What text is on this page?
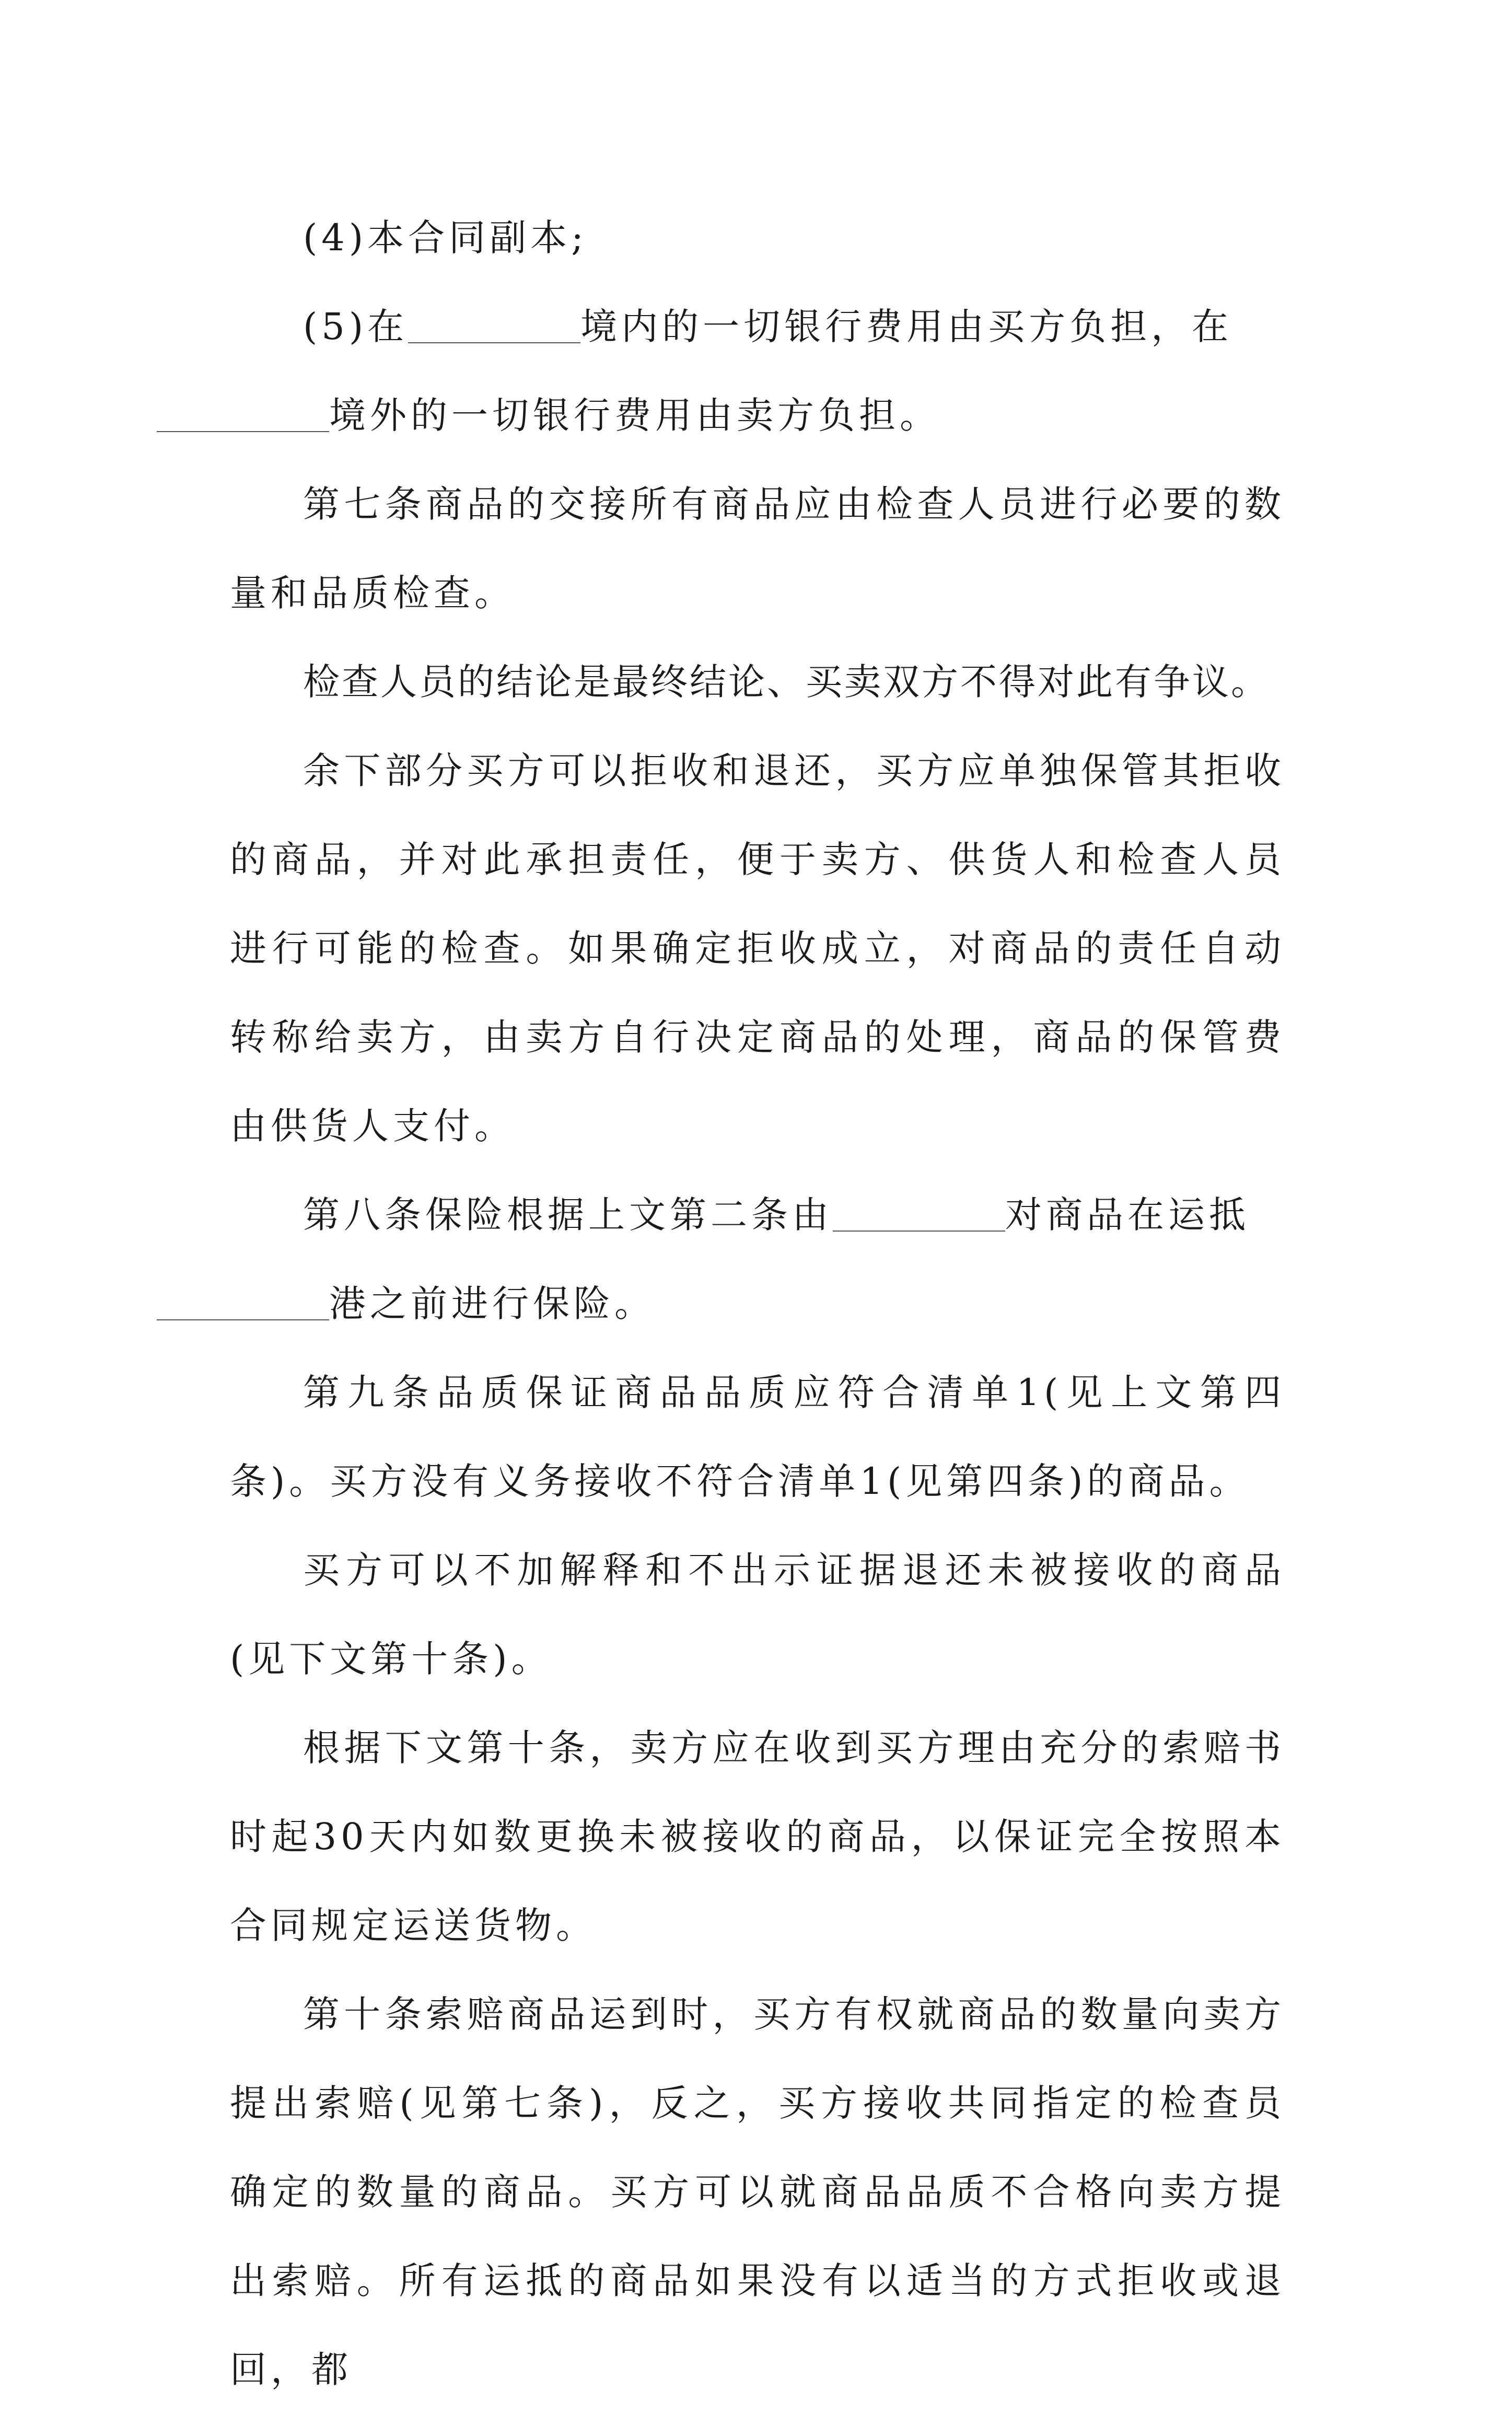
(4)本合同副本;

(5)在	境内的一切银行费用由买方负担，在
境外的一切银行费用由卖方负担。

第七条商品的交接所有商品应由检查人员进行必要的数量和品质检查。

检查人员的结论是最终结论、买卖双方不得对此有争议。

余下部分买方可以拒收和退还，买方应单独保管其拒收的商品，并对此承担责任，便于卖方、供货人和检查人员进行可能的检查。如果确定拒收成立，对商品的责任自动转称给卖方，由卖方自行决定商品的处理，商品的保管费由供货人支付。

第八条保险根据上文第二条由	对商品在运抵
港之前进行保险。

第九条品质保证商品品质应符合清单1(见上文第四条)。买方没有义务接收不符合清单1(见第四条)的商品。

买方可以不加解释和不出示证据退还未被接收的商品(见下文第十条)。

根据下文第十条，卖方应在收到买方理由充分的索赔书时起30天内如数更换未被接收的商品，以保证完全按照本合同规定运送货物。

第十条索赔商品运到时，买方有权就商品的数量向卖方提出索赔(见第七条)，反之，买方接收共同指定的检查员确定的数量的商品。买方可以就商品品质不合格向卖方提出索赔。所有运抵的商品如果没有以适当的方式拒收或退回，都
